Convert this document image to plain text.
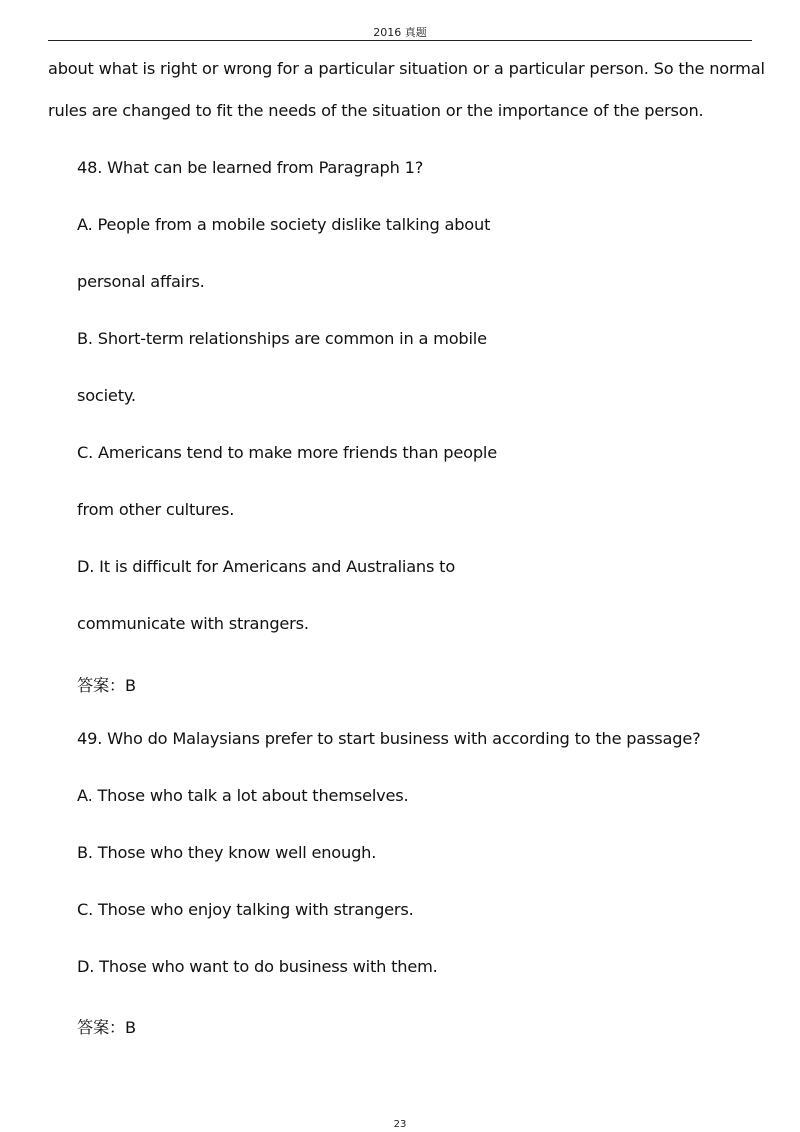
2016 真题
about what is right or wrong for a particular situation or a particular person. So the normal
rules are changed to fit the needs of the situation or the importance of the person.
48. What can be learned from Paragraph 1?
A. People from a mobile society dislike talking about
personal affairs.
B. Short-term relationships are common in a mobile
society.
C. Americans tend to make more friends than people
from other cultures.
D. It is difficult for Americans and Australians to
communicate with strangers.
答案：B
49. Who do Malaysians prefer to start business with according to the passage?
A. Those who talk a lot about themselves.
B. Those who they know well enough.
C. Those who enjoy talking with strangers.
D. Those who want to do business with them.
答案：B
23
